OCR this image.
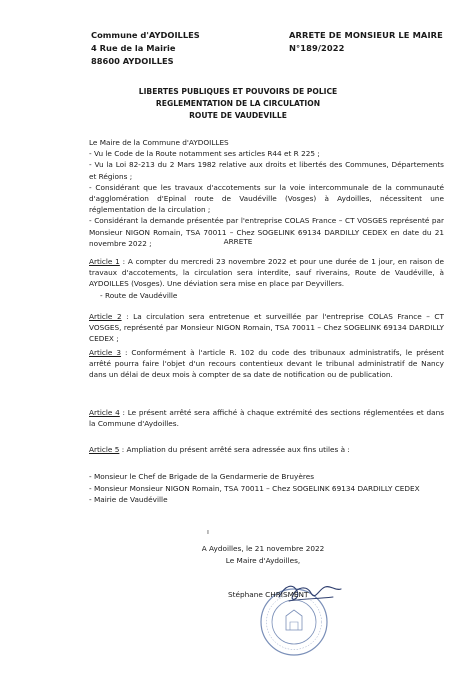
Commune d'AYDOILLES
4 Rue de la Mairie
88600 AYDOILLES
ARRETE DE MONSIEUR LE MAIRE
N°189/2022
LIBERTES PUBLIQUES ET POUVOIRS DE POLICE
REGLEMENTATION DE LA CIRCULATION
ROUTE DE VAUDEVILLE
Le Maire de la Commune d'AYDOILLES
- Vu le Code de la Route notamment ses articles R44 et R 225 ;
- Vu la Loi 82-213 du 2 Mars 1982 relative aux droits et libertés des Communes, Départements et Régions ;
- Considérant que les travaux d'accotements sur la voie intercommunale de la communauté d'agglomération d'Epinal route de Vaudéville (Vosges) à Aydoilles, nécessitent une réglementation de la circulation ;
- Considérant la demande présentée par l'entreprise COLAS France – CT VOSGES représenté par Monsieur NIGON Romain, TSA 70011 – Chez SOGELINK 69134 DARDILLY CEDEX en date du 21 novembre 2022 ;	ARRETE
Article 1 : A compter du mercredi 23 novembre 2022 et pour une durée de 1 jour, en raison de travaux d'accotements, la circulation sera interdite, sauf riverains, Route de Vaudéville, à AYDOILLES (Vosges). Une déviation sera mise en place par Deyvillers.
- Route de Vaudéville
Article 2 : La circulation sera entretenue et surveillée par l'entreprise COLAS France – CT VOSGES, représenté par Monsieur NIGON Romain, TSA 70011 – Chez SOGELINK 69134 DARDILLY CEDEX ;
Article 3 : Conformément à l'article R. 102 du code des tribunaux administratifs, le présent arrêté pourra faire l'objet d'un recours contentieux devant le tribunal administratif de Nancy dans un délai de deux mois à compter de sa date de notification ou de publication.
Article 4 : Le présent arrêté sera affiché à chaque extrémité des sections réglementées et dans la Commune d'Aydoilles.
Article 5 : Ampliation du présent arrêté sera adressée aux fins utiles à :

- Monsieur le Chef de Brigade de la Gendarmerie de Bruyères

- Monsieur Monsieur NIGON Romain, TSA 70011 – Chez SOGELINK 69134 DARDILLY CEDEX

- Mairie de Vaudéville

ı
A Aydoilles, le 21 novembre 2022
Le Maire d'Aydoilles,
Stéphane CHRISMENT
